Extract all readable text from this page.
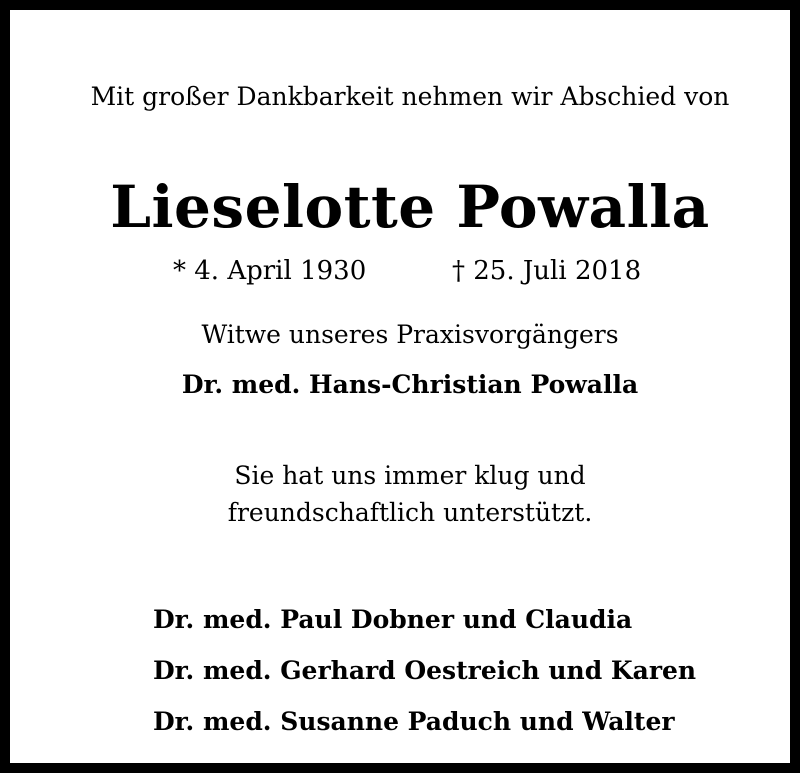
Mit großer Dankbarkeit nehmen wir Abschied von
Lieselotte Powalla
* 4. April 1930	† 25. Juli 2018
Witwe unseres Praxisvorgängers
Dr. med. Hans-Christian Powalla
Sie hat uns immer klug und
freundschaftlich unterstützt.
Dr. med. Paul Dobner und Claudia
Dr. med. Gerhard Oestreich und Karen
Dr. med. Susanne Paduch und Walter
